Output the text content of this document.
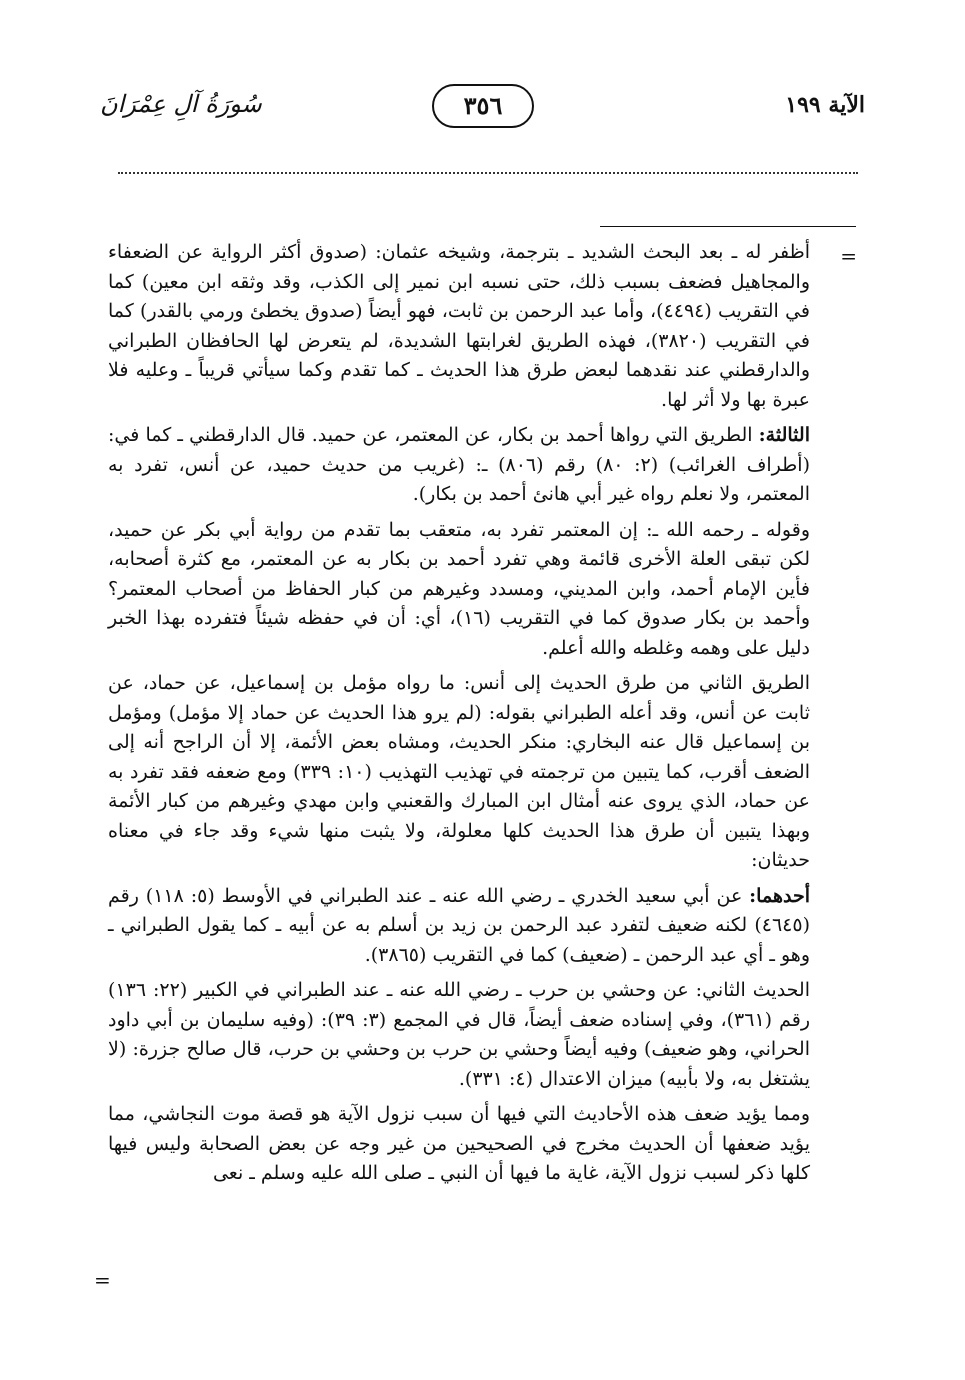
الآية ١٩٩
٣٥٦
سُورَةُ آلِ عِمْرَانَ
=

أظفر له ـ بعد البحث الشديد ـ بترجمة، وشيخه عثمان: (صدوق أكثر الرواية عن الضعفاء والمجاهيل فضعف بسبب ذلك، حتى نسبه ابن نمير إلى الكذب، وقد وثقه ابن معين) كما في التقريب (٤٤٩٤)، وأما عبد الرحمن بن ثابت، فهو أيضاً (صدوق يخطئ ورمي بالقدر) كما في التقريب (٣٨٢٠)، فهذه الطريق لغرابتها الشديدة، لم يتعرض لها الحافظان الطبراني والدارقطني عند نقدهما لبعض طرق هذا الحديث ـ كما تقدم وكما سيأتي قريباً ـ وعليه فلا عبرة بها ولا أثر لها.

الثالثة: الطريق التي رواها أحمد بن بكار، عن المعتمر، عن حميد. قال الدارقطني ـ كما في: (أطراف الغرائب) (٢: ٨٠) رقم (٨٠٦) ـ: (غريب من حديث حميد، عن أنس، تفرد به المعتمر، ولا نعلم رواه غير أبي هانئ أحمد بن بكار).

وقوله ـ رحمه الله ـ: إن المعتمر تفرد به، متعقب بما تقدم من رواية أبي بكر عن حميد، لكن تبقى العلة الأخرى قائمة وهي تفرد أحمد بن بكار به عن المعتمر، مع كثرة أصحابه، فأين الإمام أحمد، وابن المديني، ومسدد وغيرهم من كبار الحفاظ من أصحاب المعتمر؟ وأحمد بن بكار صدوق كما في التقريب (١٦)، أي: أن في حفظه شيئاً فتفرده بهذا الخبر دليل على وهمه وغلطه والله أعلم.

الطريق الثاني من طرق الحديث إلى أنس: ما رواه مؤمل بن إسماعيل، عن حماد، عن ثابت عن أنس، وقد أعله الطبراني بقوله: (لم يرو هذا الحديث عن حماد إلا مؤمل) ومؤمل بن إسماعيل قال عنه البخاري: منكر الحديث، ومشاه بعض الأئمة، إلا أن الراجح أنه إلى الضعف أقرب، كما يتبين من ترجمته في تهذيب التهذيب (١٠: ٣٣٩) ومع ضعفه فقد تفرد به عن حماد، الذي يروى عنه أمثال ابن المبارك والقعنبي وابن مهدي وغيرهم من كبار الأئمة وبهذا يتبين أن طرق هذا الحديث كلها معلولة، ولا يثبت منها شيء وقد جاء في معناه حديثان:

أحدهما: عن أبي سعيد الخدري ـ رضي الله عنه ـ عند الطبراني في الأوسط (٥: ١١٨) رقم (٤٦٤٥) لكنه ضعيف لتفرد عبد الرحمن بن زيد بن أسلم به عن أبيه ـ كما يقول الطبراني ـ وهو ـ أي عبد الرحمن ـ (ضعيف) كما في التقريب (٣٨٦٥).

الحديث الثاني: عن وحشي بن حرب ـ رضي الله عنه ـ عند الطبراني في الكبير (٢٢: ١٣٦) رقم (٣٦١)، وفي إسناده ضعف أيضاً، قال في المجمع (٣: ٣٩): (وفيه سليمان بن أبي داود الحراني، وهو ضعيف) وفيه أيضاً وحشي بن حرب بن وحشي بن حرب، قال صالح جزرة: (لا يشتغل به، ولا بأبيه) ميزان الاعتدال (٤: ٣٣١).

ومما يؤيد ضعف هذه الأحاديث التي فيها أن سبب نزول الآية هو قصة موت النجاشي، مما يؤيد ضعفها أن الحديث مخرج في الصحيحين من غير وجه عن بعض الصحابة وليس فيها كلها ذكر لسبب نزول الآية، غاية ما فيها أن النبي ـ صلى الله عليه وسلم ـ نعى

=
